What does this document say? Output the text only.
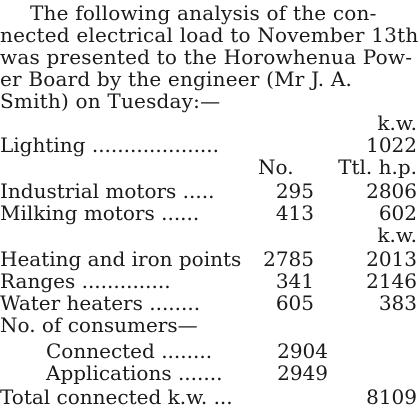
The following analysis of the con-
nected electrical load to November 13th
was presented to the Horowhenua Pow-
er Board by the engineer (Mr J. A.
Smith) on Tuesday:—
k.w.
Lighting ....................	1022
No. Ttl. h.p.
Industrial motors .....	295	2806
Milking motors ......	413	602
k.w.
Heating and iron points 2785	2013
Ranges ..............	341	2146
Water heaters ........	605	383
No. of consumers—
Connected ........	2904
Applications .......	2949
Total connected k.w. ...	8109
